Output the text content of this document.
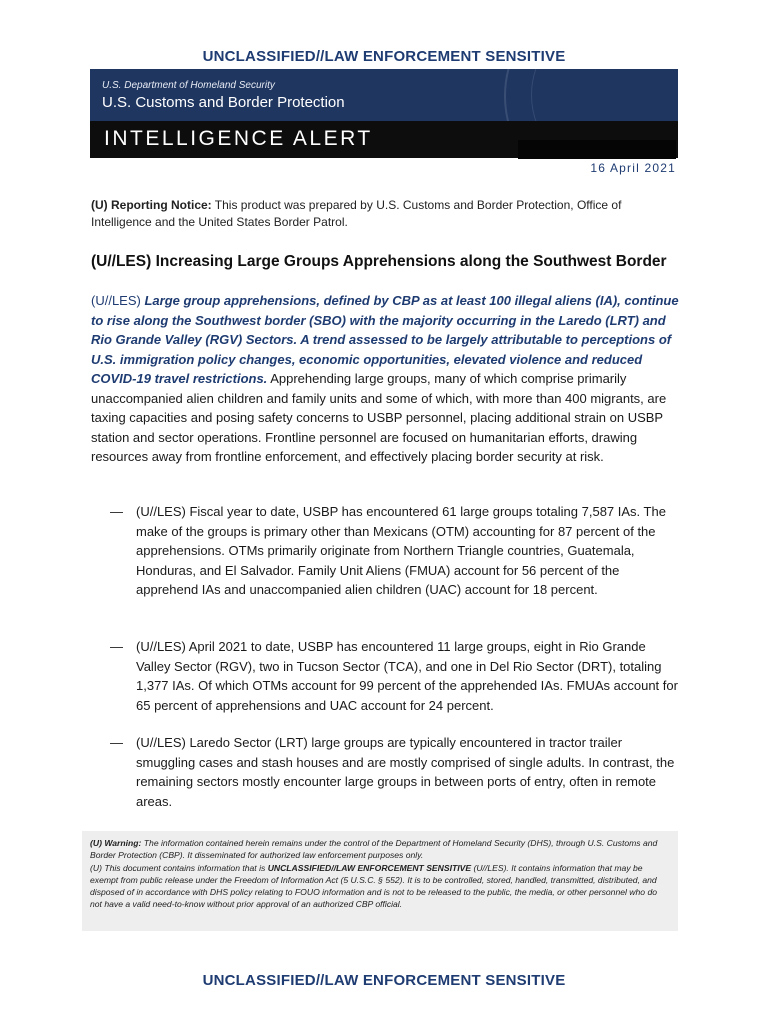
UNCLASSIFIED//LAW ENFORCEMENT SENSITIVE
U.S. Department of Homeland Security
U.S. Customs and Border Protection
INTELLIGENCE ALERT
16 April 2021
(U) Reporting Notice: This product was prepared by U.S. Customs and Border Protection, Office of Intelligence and the United States Border Patrol.
(U//LES) Increasing Large Groups Apprehensions along the Southwest Border
(U//LES) Large group apprehensions, defined by CBP as at least 100 illegal aliens (IA), continue to rise along the Southwest border (SBO) with the majority occurring in the Laredo (LRT) and Rio Grande Valley (RGV) Sectors. A trend assessed to be largely attributable to perceptions of U.S. immigration policy changes, economic opportunities, elevated violence and reduced COVID-19 travel restrictions. Apprehending large groups, many of which comprise primarily unaccompanied alien children and family units and some of which, with more than 400 migrants, are taxing capacities and posing safety concerns to USBP personnel, placing additional strain on USBP station and sector operations. Frontline personnel are focused on humanitarian efforts, drawing resources away from frontline enforcement, and effectively placing border security at risk.
—	(U//LES) Fiscal year to date, USBP has encountered 61 large groups totaling 7,587 IAs. The make of the groups is primary other than Mexicans (OTM) accounting for 87 percent of the apprehensions. OTMs primarily originate from Northern Triangle countries, Guatemala, Honduras, and El Salvador. Family Unit Aliens (FMUA) account for 56 percent of the apprehend IAs and unaccompanied alien children (UAC) account for 18 percent.
—	(U//LES) April 2021 to date, USBP has encountered 11 large groups, eight in Rio Grande Valley Sector (RGV), two in Tucson Sector (TCA), and one in Del Rio Sector (DRT), totaling 1,377 IAs. Of which OTMs account for 99 percent of the apprehended IAs. FMUAs account for 65 percent of apprehensions and UAC account for 24 percent.
—	(U//LES) Laredo Sector (LRT) large groups are typically encountered in tractor trailer smuggling cases and stash houses and are mostly comprised of single adults. In contrast, the remaining sectors mostly encounter large groups in between ports of entry, often in remote areas.
(U) Warning: The information contained herein remains under the control of the Department of Homeland Security (DHS), through U.S. Customs and Border Protection (CBP). It disseminated for authorized law enforcement purposes only.
(U) This document contains information that is UNCLASSIFIED//LAW ENFORCEMENT SENSITIVE (U//LES). It contains information that may be exempt from public release under the Freedom of Information Act (5 U.S.C. § 552). It is to be controlled, stored, handled, transmitted, distributed, and disposed of in accordance with DHS policy relating to FOUO information and is not to be released to the public, the media, or other personnel who do not have a valid need-to-know without prior approval of an authorized CBP official.
UNCLASSIFIED//LAW ENFORCEMENT SENSITIVE
